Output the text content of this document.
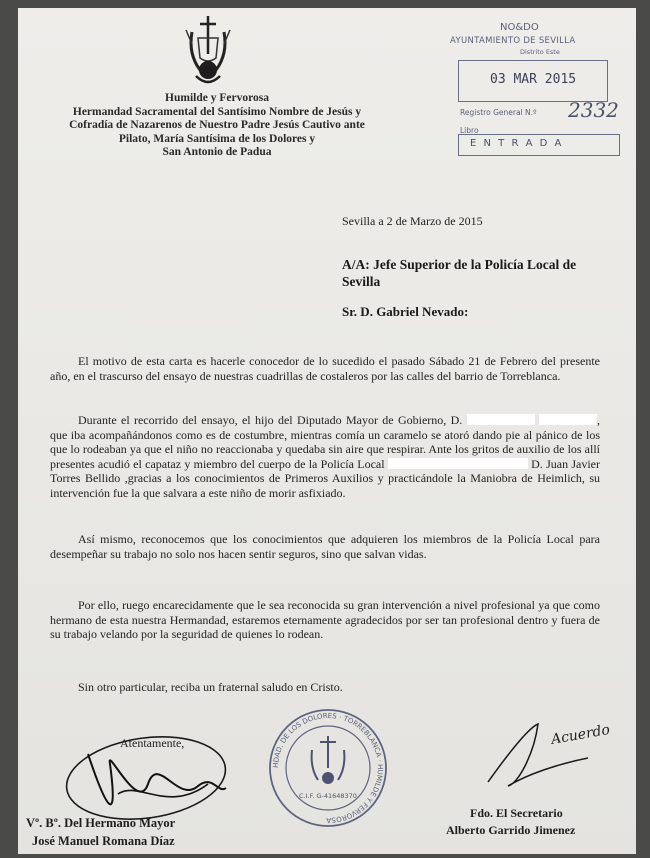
Humilde y Fervorosa
Hermandad Sacramental del Santísimo Nombre de Jesús y
Cofradía de Nazarenos de Nuestro Padre Jesús Cautivo ante
Pilato, María Santísima de los Dolores y
San Antonio de Padua
NO&DO
AYUNTAMIENTO DE SEVILLA
Distrito Este
03 MAR 2015
Registro General N.º 2332
Libro
E N T R A D A
Sevilla a 2 de Marzo de 2015
A/A: Jefe Superior de la Policía Local de
Sevilla
Sr. D. Gabriel Nevado:

El motivo de esta carta es hacerle conocedor de lo sucedido el pasado Sábado 21 de Febrero del presente año, en el trascurso del ensayo de nuestras cuadrillas de costaleros por las calles del barrio de Torreblanca.

Durante el recorrido del ensayo, el hijo del Diputado Mayor de Gobierno, D.	, que iba acompañándonos como es de costumbre, mientras comía un caramelo se atoró dando pie al pánico de los que lo rodeaban ya que el niño no reaccionaba y quedaba sin aire que respirar. Ante los gritos de auxilio de los allí presentes acudió el capataz y miembro del cuerpo de la Policía Local	D. Juan Javier Torres Bellido ,gracias a los conocimientos de Primeros Auxilios y practicándole la Maniobra de Heimlich, su intervención fue la que salvara a este niño de morir asfixiado.

Así mismo, reconocemos que los conocimientos que adquieren los miembros de la Policía Local para desempeñar su trabajo no solo nos hacen sentir seguros, sino que salvan vidas.

Por ello, ruego encarecidamente que le sea reconocida su gran intervención a nivel profesional ya que como hermano de esta nuestra Hermandad, estaremos eternamente agradecidos por ser tan profesional dentro y fuera de su trabajo velando por la seguridad de quienes lo rodean.

Sin otro particular, reciba un fraternal saludo en Cristo.
Atentamente,
HDAD. DE LOS DOLORES · TORREBLANCA · HUMILDE Y FERVOROSA
C.I.F. G-41648370
Acuerdo
Vº. Bº. Del Hermano Mayor
José Manuel Romana Díaz
Fdo. El Secretario
Alberto Garrido Jimenez
